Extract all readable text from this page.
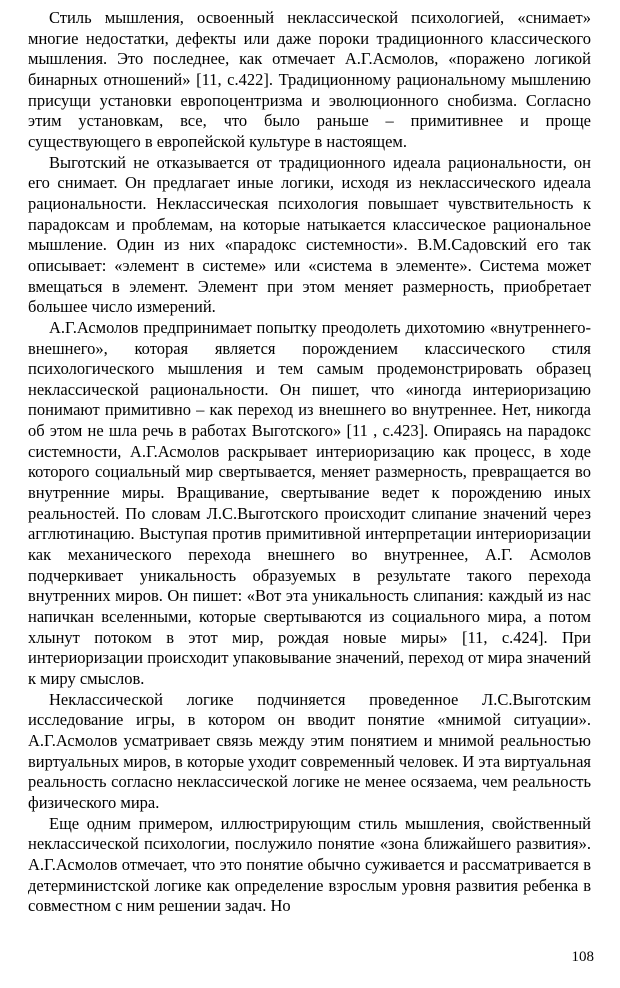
Стиль мышления, освоенный неклассической психологией, «снимает» многие недостатки, дефекты или даже пороки традиционного классического мышления. Это последнее, как отмечает А.Г.Асмолов, «поражено логикой бинарных отношений» [11, с.422]. Традиционному рациональному мышлению присущи установки европоцентризма и эволюционного снобизма. Согласно этим установкам, все, что было раньше – примитивнее и проще существующего в европейской культуре в настоящем.

Выготский не отказывается от традиционного идеала рациональности, он его снимает. Он предлагает иные логики, исходя из неклассического идеала рациональности. Неклассическая психология повышает чувствительность к парадоксам и проблемам, на которые натыкается классическое рациональное мышление. Один из них «парадокс системности». В.М.Садовский его так описывает: «элемент в системе» или «система в элементе». Система может вмещаться в элемент. Элемент при этом меняет размерность, приобретает большее число измерений.

А.Г.Асмолов предпринимает попытку преодолеть дихотомию «внутреннего-внешнего», которая является порождением классического стиля психологического мышления и тем самым продемонстрировать образец неклассической рациональности. Он пишет, что «иногда интериоризацию понимают примитивно – как переход из внешнего во внутреннее. Нет, никогда об этом не шла речь в работах Выготского» [11 , с.423]. Опираясь на парадокс системности, А.Г.Асмолов раскрывает интериоризацию как процесс, в ходе которого социальный мир свертывается, меняет размерность, превращается во внутренние миры. Вращивание, свертывание ведет к порождению иных реальностей. По словам Л.С.Выготского происходит слипание значений через агглютинацию. Выступая против примитивной интерпретации интериоризации как механического перехода внешнего во внутреннее, А.Г. Асмолов подчеркивает уникальность образуемых в результате такого перехода внутренних миров. Он пишет: «Вот эта уникальность слипания: каждый из нас напичкан вселенными, которые свертываются из социального мира, а потом хлынут потоком в этот мир, рождая новые миры» [11, с.424]. При интериоризации происходит упаковывание значений, переход от мира значений к миру смыслов.

Неклассической логике подчиняется проведенное Л.С.Выготским исследование игры, в котором он вводит понятие «мнимой ситуации». А.Г.Асмолов усматривает связь между этим понятием и мнимой реальностью виртуальных миров, в которые уходит современный человек. И эта виртуальная реальность согласно неклассической логике не менее осязаема, чем реальность физического мира.

Еще одним примером, иллюстрирующим стиль мышления, свойственный неклассической психологии, послужило понятие «зона ближайшего развития». А.Г.Асмолов отмечает, что это понятие обычно суживается и рассматривается в детерминистской логике как определение взрослым уровня развития ребенка в совместном с ним решении задач. Но

108
